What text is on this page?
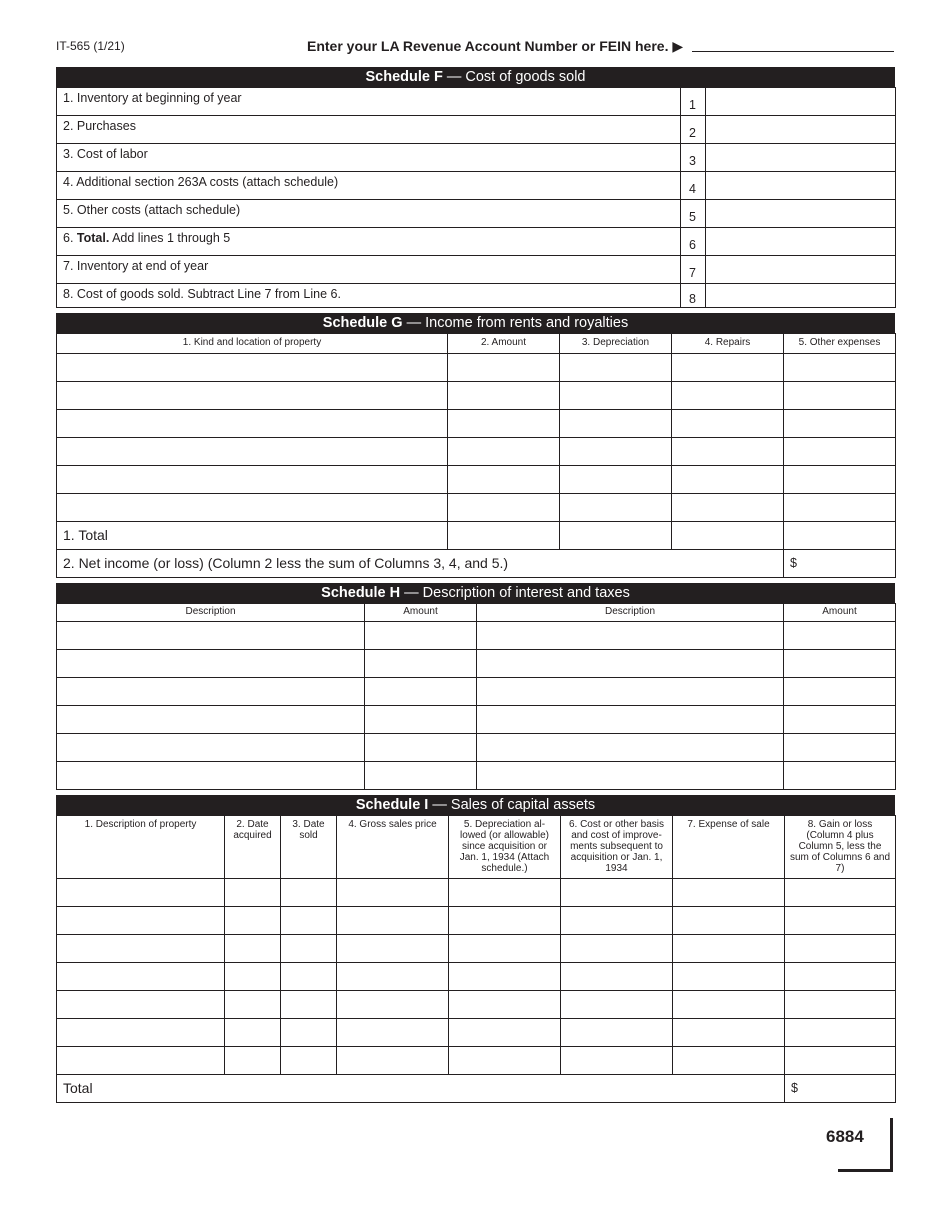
IT-565 (1/21)	Enter your LA Revenue Account Number or FEIN here. ▶
Schedule F — Cost of goods sold
1. Inventory at beginning of year	1	
2. Purchases	2	
3. Cost of labor	3	
4. Additional section 263A costs (attach schedule)	4	
5. Other costs (attach schedule)	5	
6. Total. Add lines 1 through 5	6	
7. Inventory at end of year	7	
8. Cost of goods sold. Subtract Line 7 from Line 6.	8	
Schedule G — Income from rents and royalties
1. Kind and location of property	2. Amount	3. Depreciation	4. Repairs	5. Other expenses

1. Total				
2. Net income (or loss) (Column 2 less the sum of Columns 3, 4, and 5.)				$
Schedule H — Description of interest and taxes
Description	Amount	Description	Amount

Schedule I — Sales of capital assets
1. Description of property	2. Date acquired	3. Date sold	4. Gross sales price	5. Depreciation al-lowed (or allowable) since acquisition or Jan. 1, 1934 (Attach schedule.)	6. Cost or other basis and cost of improve-ments subsequent to acquisition or Jan. 1, 1934	7. Expense of sale	8. Gain or loss (Column 4 plus Column 5, less the sum of Columns 6 and 7)

Total							$
6884
